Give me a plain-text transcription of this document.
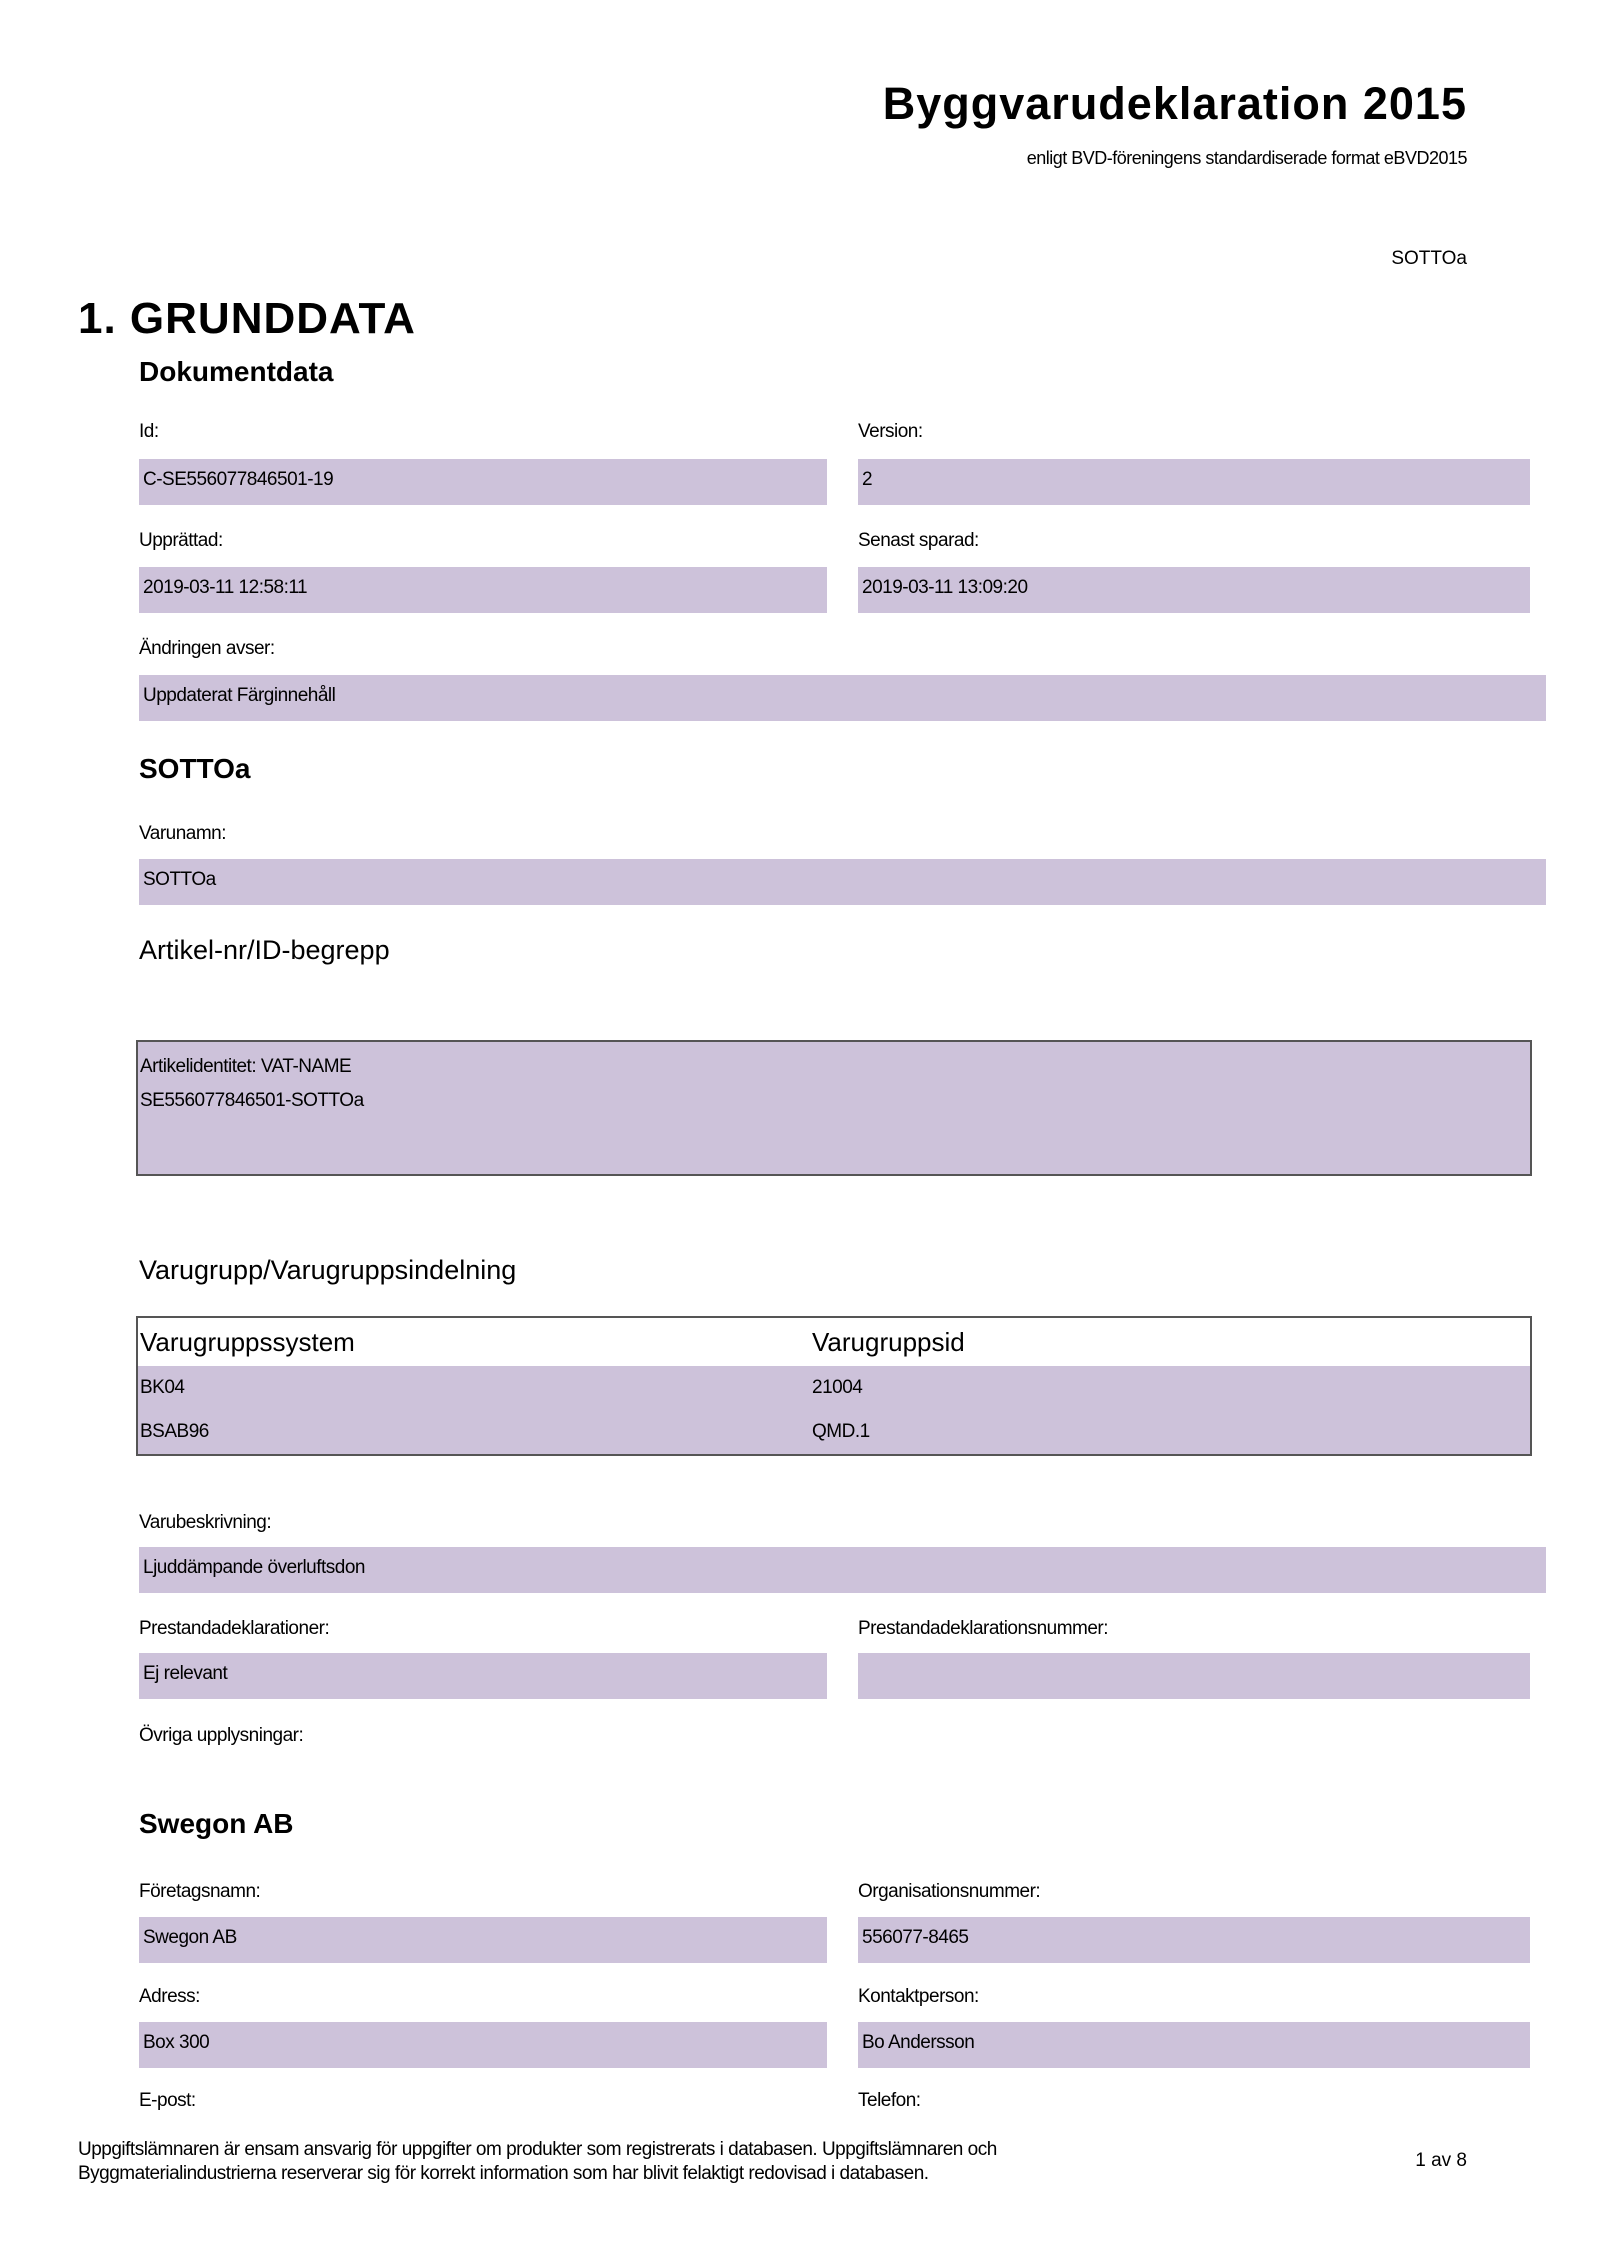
Byggvarudeklaration 2015
enligt BVD-föreningens standardiserade format eBVD2015
SOTTOa
1. GRUNDDATA
Dokumentdata
Id:
C-SE556077846501-19
Version:
2
Upprättad:
2019-03-11 12:58:11
Senast sparad:
2019-03-11 13:09:20
Ändringen avser:
Uppdaterat Färginnehåll
SOTTOa
Varunamn:
SOTTOa
Artikel-nr/ID-begrepp
Artikelidentitet: VAT-NAME
SE556077846501-SOTTOa
Varugrupp/Varugruppsindelning
Varugruppssystem	Varugruppsid
BK04	21004
BSAB96	QMD.1
Varubeskrivning:
Ljuddämpande överluftsdon
Prestandadeklarationer:
Ej relevant
Prestandadeklarationsnummer:
Övriga upplysningar:
Swegon AB
Företagsnamn:
Swegon AB
Organisationsnummer:
556077-8465
Adress:
Box 300
Kontaktperson:
Bo Andersson
E-post:	Telefon:
Uppgiftslämnaren är ensam ansvarig för uppgifter om produkter som registrerats i databasen. Uppgiftslämnaren och Byggmaterialindustrierna reserverar sig för korrekt information som har blivit felaktigt redovisad i databasen.
1 av 8
